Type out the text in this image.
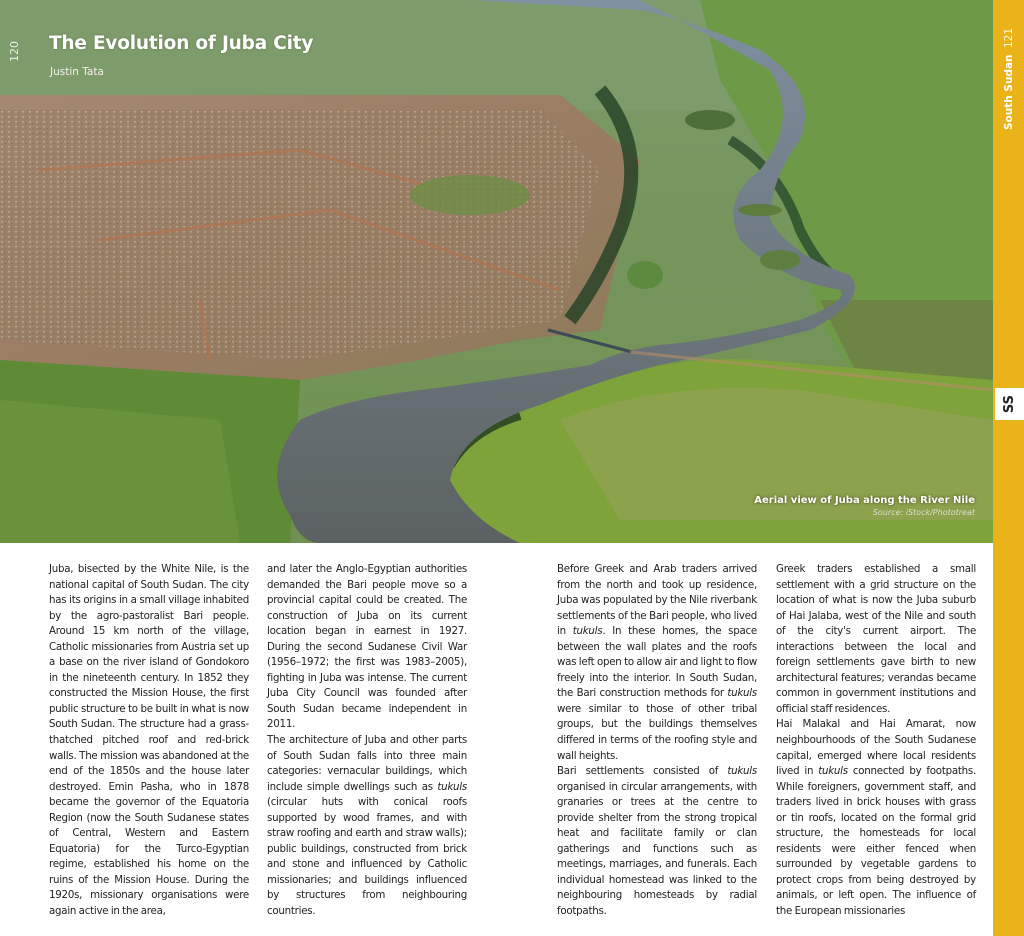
120 The Evolution of Juba City
Justin Tata
Aerial view of Juba along the River Nile
Source: iStock/Phototreat
South Sudan
121
SS

Juba, bisected by the White Nile, is the national capital of South Sudan. The city has its origins in a small village inhabited by the agro-pastoralist Bari people. Around 15 km north of the village, Catholic missionaries from Austria set up a base on the river island of Gondokoro in the nineteenth century. In 1852 they constructed the Mission House, the first public structure to be built in what is now South Sudan. The structure had a grass-thatched pitched roof and red-brick walls. The mission was abandoned at the end of the 1850s and the house later destroyed. Emin Pasha, who in 1878 became the governor of the Equatoria Region (now the South Sudanese states of Central, Western and Eastern Equatoria) for the Turco-Egyptian regime, established his home on the ruins of the Mission House. During the 1920s, missionary organisations were again active in the area,

and later the Anglo-Egyptian authorities demanded the Bari people move so a provincial capital could be created. The construction of Juba on its current location began in earnest in 1927. During the second Sudanese Civil War (1956–1972; the first was 1983–2005), fighting in Juba was intense. The current Juba City Council was founded after South Sudan became independent in 2011.

The architecture of Juba and other parts of South Sudan falls into three main categories: vernacular buildings, which include simple dwellings such as tukuls (circular huts with conical roofs supported by wood frames, and with straw roofing and earth and straw walls); public buildings, constructed from brick and stone and influenced by Catholic missionaries; and buildings influenced by structures from neighbouring countries.

Before Greek and Arab traders arrived from the north and took up residence, Juba was populated by the Nile riverbank settlements of the Bari people, who lived in tukuls. In these homes, the space between the wall plates and the roofs was left open to allow air and light to flow freely into the interior. In South Sudan, the Bari construction methods for tukuls were similar to those of other tribal groups, but the buildings themselves differed in terms of the roofing style and wall heights.

Bari settlements consisted of tukuls organised in circular arrangements, with granaries or trees at the centre to provide shelter from the strong tropical heat and facilitate family or clan gatherings and functions such as meetings, marriages, and funerals. Each individual homestead was linked to the neighbouring homesteads by radial footpaths.

Greek traders established a small settlement with a grid structure on the location of what is now the Juba suburb of Hai Jalaba, west of the Nile and south of the city's current airport. The interactions between the local and foreign settlements gave birth to new architectural features; verandas became common in government institutions and official staff residences.

Hai Malakal and Hai Amarat, now neighbourhoods of the South Sudanese capital, emerged where local residents lived in tukuls connected by footpaths. While foreigners, government staff, and traders lived in brick houses with grass or tin roofs, located on the formal grid structure, the homesteads for local residents were either fenced when surrounded by vegetable gardens to protect crops from being destroyed by animals, or left open. The influence of the European missionaries
